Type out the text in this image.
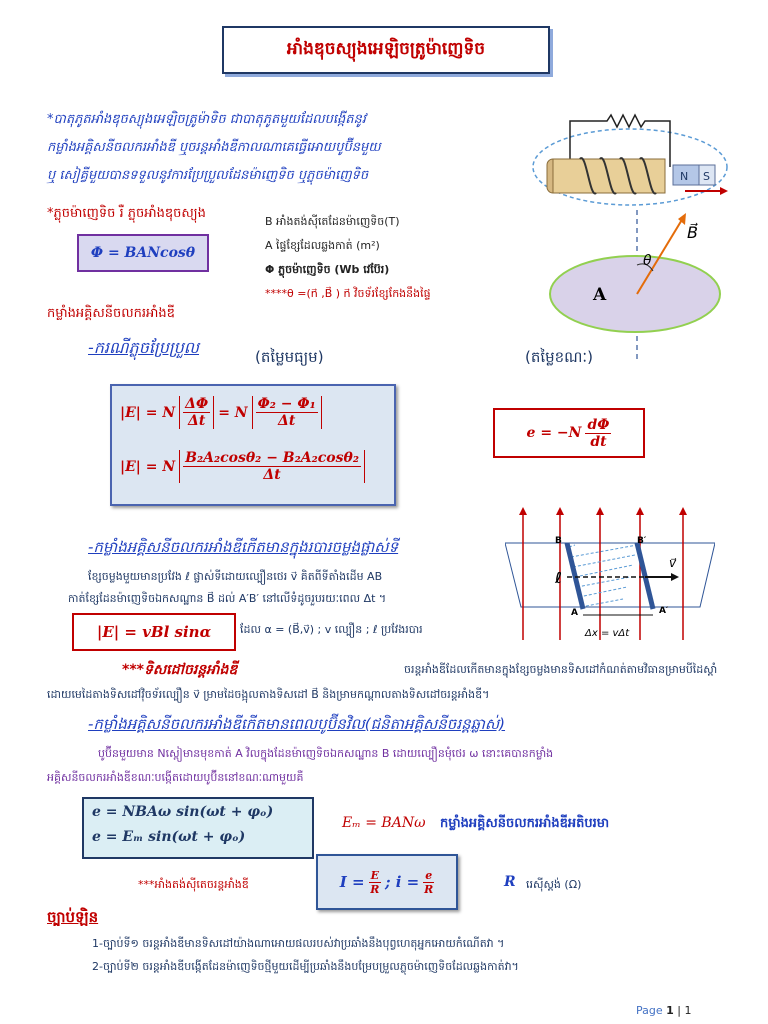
អាំងឌុចស្យុងអេឡិចត្រូម៉ាញេទិច
*បាតុភូតអាំងឌុចស្យុងអេឡិចត្រូម៉ាទិច ជាបាតុភូតមួយដែលបង្កើតនូវ
កម្លាំងអគ្គិសនីចលករអាំងឌី ឬចរន្តអាំងឌីកាលណាគេធ្វើអោយបូប៊ីនមួយ
ឬ សៀគ្វីមួយបានទទួលនូវការប្រែប្រួលដែនម៉ាញេទិច ឬភ្លុចម៉ាញេទិច
*ភ្លុចម៉ាញេទិច រឺ ភ្លុចអាំងឌុចស្យុង
Φ = BANcosθ
B អាំងតង់ស៊ីតេដែនម៉ាញេទិច(T)
A ផ្ទៃខ្សែដែលឆ្លងកាត់ (m²)
Φ ភ្លុចម៉ាញេទិច (Wb វេប៊ែរ)
****θ =(n⃗ ,B⃗ ) n⃗ វិចទ័រខ្សែកែងនឹងផ្ទៃ
N S
θ
B⃗
A
កម្លាំងអគ្គិសនីចលករអាំងឌី
-ករណីភ្លុចប្រែប្រួល	(តម្លៃមធ្យម)	(តម្លៃខណៈ)
|E| = N $\frac{\Delta\Phi}{\Delta t} = N \frac{\text{Φ₂ − Φ₁}}{\Delta t}$
|E| = N $\frac{\text{B₂A₂cosθ₂ − B₂A₂cosθ₂}}{\Delta t}$
$e = -N \frac{d\Phi}{dt}$
-កម្លាំងអគ្គិសនីចលករអាំងឌីកើតមានក្នុងរបារចម្លងផ្លាស់ទី
ខ្សែចម្លងមួយមានប្រវែង ℓ ផ្លាស់ទីដោយល្បឿនថេរ v⃗ គិតពីទីតាំងដើម AB
កាត់ខ្សែដែនម៉ាញេទិចឯកសណ្ឋាន B⃗ ដល់ A′B′ នៅលើទំដូចរួបរយៈពេល Δt ។
|E| = vBl sinα	ដែល α = (B⃗,v⃗) ; v ល្បឿន ; ℓ ប្រវែងរបារ
B	B′
A	A′
ℓ
v⃗
Δx = vΔt
***ទិសដៅចរន្តអាំងឌី	ចរន្តអាំងឌីដែលកើតមានក្នុងខ្សែចម្លងមានទិសដៅកំណត់តាមវិធានម្រាមបីដៃស្តាំ
ដោយមេដៃតាងទិសដៅវ៉ិចទ័រល្បឿន v⃗ ម្រាមដៃចង្អុលតាងទិសដៅ B⃗ និងម្រាមកណ្តាលតាងទិសដៅចរន្តអាំងឌី។
-កម្លាំងអគ្គិសនីចលករអាំងឌីកើតមានពេលបូប៊ីនវិល(ជនិតាអគ្គិសនីចរន្តឆ្លាស់)
បូប៊ីនមួយមាន Nស្ពៀមានមុខកាត់ A វិលក្នុងដែនម៉ាញេទិចឯកសណ្ឋាន B ដោយល្បឿនមុំថេរ ω នោះគេបានកម្លាំង
អគ្គិសនីចលករអាំងឌីខណៈបង្កើតដោយបូប៊ីននៅខណៈណាមួយគឺ
e = NBAω sin(ωt + φₒ)
e = Eₘ sin(ωt + φₒ)
Eₘ = BANω កម្លាំងអគ្គិសនីចលករអាំងឌីអតិបរមា
***អាំងតង់ស៊ីតេចរន្តអាំងឌី	$I = \frac{E}{R}$ ; $i = \frac{e}{R}$	R រេស៊ីស្តង់ (Ω)
ច្បាប់ឡិន
1-ច្បាប់ទី១ ចរន្តអាំងឌីមានទិសដៅយ៉ាងណាអោយផលរបស់វាប្រឆាំងនឹងបុព្វហេតុអ្នកអោយកំណើតវា ។
2-ច្បាប់ទី២ ចរន្តអាំងឌីបង្កើតដែនម៉ាញេទិចថ្មីមួយដើម្បីប្រឆាំងនឹងបម្រែបម្រួលភ្លុចម៉ាញេទិចដែលឆ្លងកាត់វា។
Page 1 | 1
